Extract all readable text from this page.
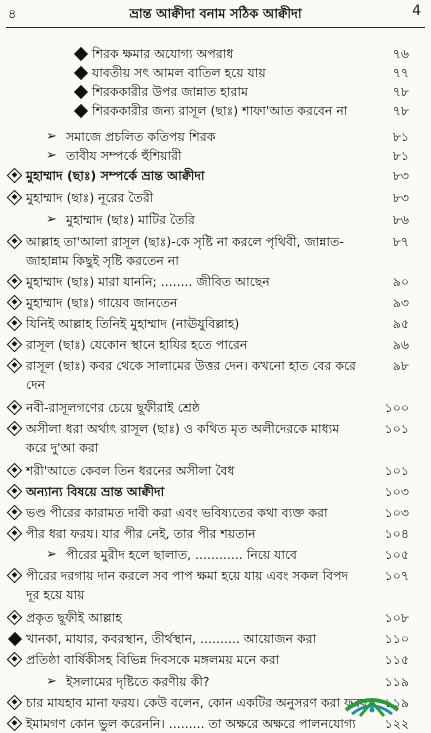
৪	ভ্রান্ত আক্বীদা বনাম সঠিক আক্বীদা	4
শিরক ক্ষমার অযোগ্য অপরাধ	৭৬
যাবতীয় সৎ আমল বাতিল হয়ে যায়	৭৭
শিরককারীর উপর জান্নাত হারাম	৭৮
শিরককারীর জন্য রাসূল (ছাঃ) শাফা'আত করবেন না	৭৮
➢ সমাজে প্রচলিত কতিপয় শিরক	৮১
➢ তাবীয সম্পর্কে হুঁশিয়ারী	৮১
মুহাম্মাদ (ছাঃ) সম্পর্কে ভ্রান্ত আক্বীদা	৮৩
মুহাম্মাদ (ছাঃ) নূরের তৈরী	৮৩
➢ মুহাম্মাদ (ছাঃ) মাটির তৈরি	৮৬
আল্লাহ তা'আলা রাসূল (ছাঃ)-কে সৃষ্টি না করলে পৃথিবী, জান্নাত-জাহান্নাম কিছুই সৃষ্টি করতেন না
৮৭
মুহাম্মাদ (ছাঃ) মারা যাননি; ........ জীবিত আছেন	৯০
মুহাম্মাদ (ছাঃ) গায়েব জানতেন	৯৩
যিনিই আল্লাহ তিনিই মুহাম্মাদ (নাঊযুবিল্লাহ)	৯৫
রাসূল (ছাঃ) যেকোন স্থানে হাযির হতে পারেন	৯৬
রাসূল (ছাঃ) কবর থেকে সালামের উত্তর দেন। কখনো হাত বের করে দেন
৯৮
নবী-রাসূলগণের চেয়ে ছূফীরাই শ্রেষ্ঠ	১০০
অসীলা ধরা অর্থাৎ রাসূল (ছাঃ) ও কথিত মৃত অলীদেরকে মাধ্যম করে দু'আ করা
১০১
শরী'আতে কেবল তিন ধরনের অসীলা বৈধ	১০১
অন্যান্য বিষয়ে ভ্রান্ত আক্বীদা	১০৩
ভণ্ড পীরের কারামত দাবী করা এবং ভবিষ্যতের কথা ব্যক্ত করা	১০৩
পীর ধরা ফরয। যার পীর নেই, তার পীর শয়তান	১০৪
➢ পীরের মুরীদ হলে ছালাত, ............ নিয়ে যাবে	১০৫
পীরের দরগায় দান করলে সব পাপ ক্ষমা হয়ে যায় এবং সকল বিপদ দূর হয়ে যায়
১০৭
প্রকৃত ছূফীই আল্লাহ	১০৮
খানকা, মাযার, কবরস্থান, তীর্থস্থান, .......... আয়োজন করা	১১০
প্রতিষ্ঠা বার্ষিকীসহ বিভিন্ন দিবসকে মঙ্গলময় মনে করা	১১৫
➢ ইসলামের দৃষ্টিতে করণীয় কী?	১১৯
চার মাযহাব মানা ফরয। কেউ বলেন, কোন একটির অনুসরণ করা ফরয ১১৯
ইমামগণ কোন ভুল করেননি। ......... তা অক্ষরে অক্ষরে পালনযোগ্য	১২২
